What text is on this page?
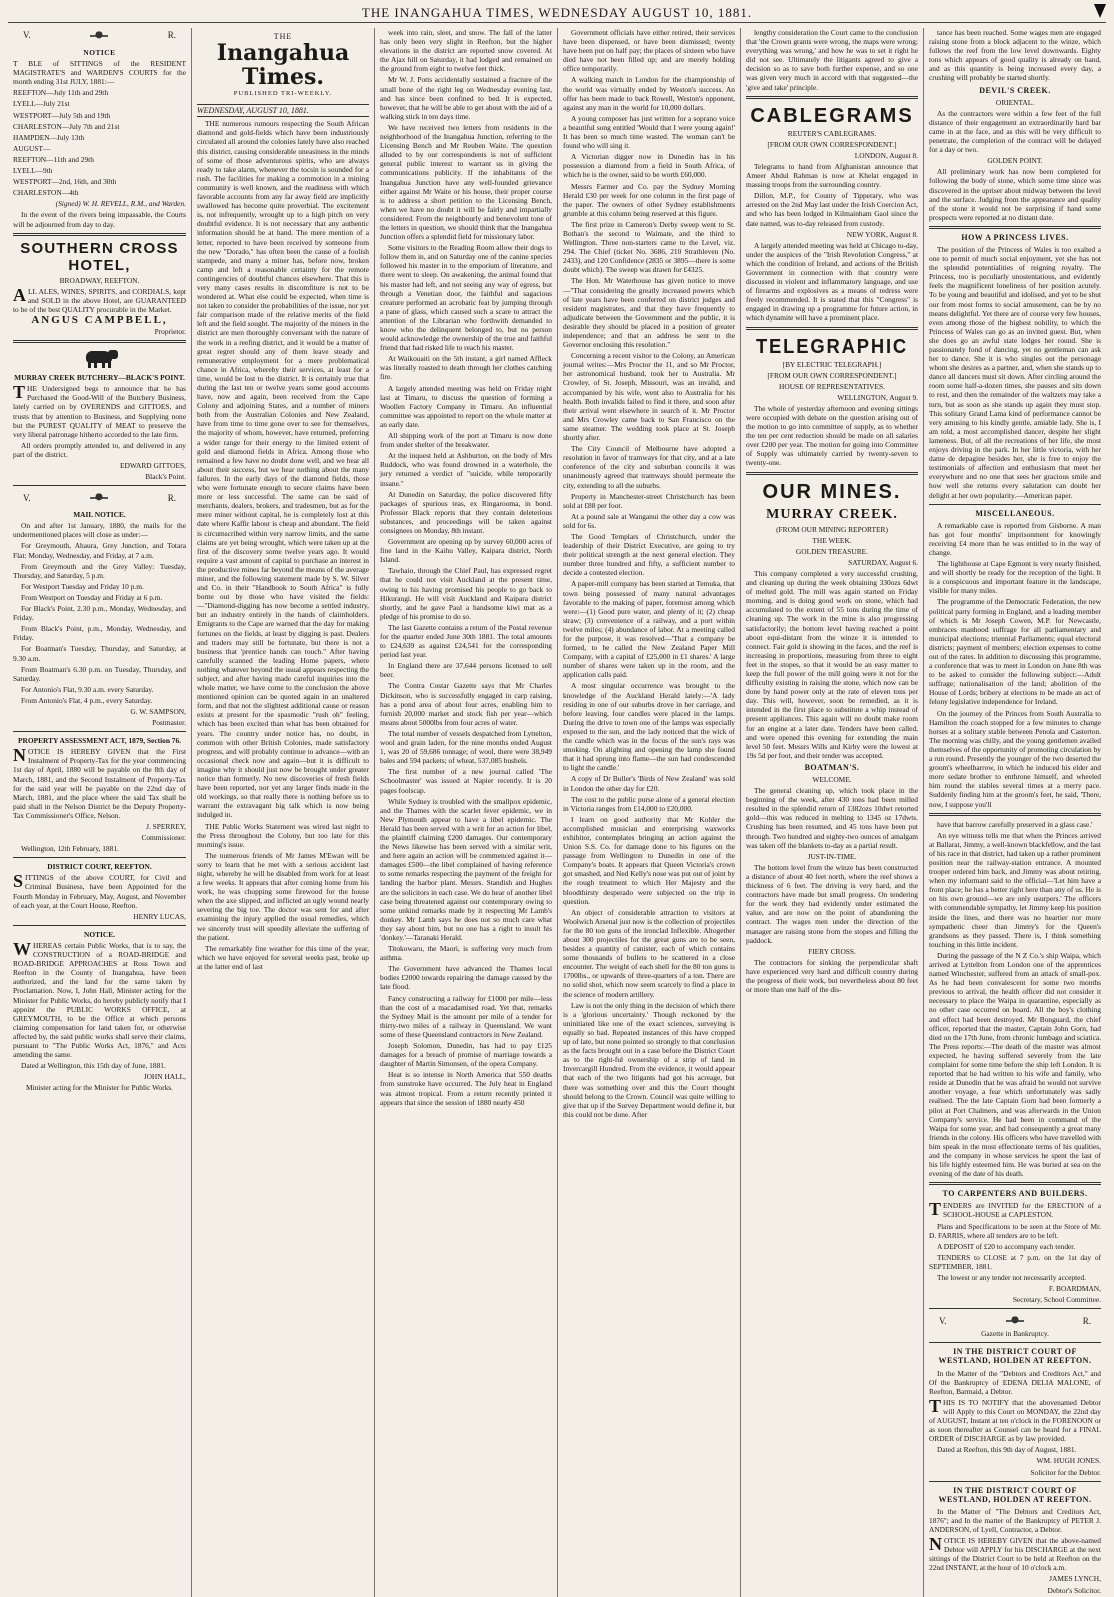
THE INANGAHUA TIMES, WEDNESDAY AUGUST 10, 1881.
V.	R.

NOTICE

T BLE of SITTINGS of the RESIDENT MAGISTRATE'S and WARDEN'S COURTS for the month ending 31st JULY, 1881:—

REEFTON—July 11th and 29th

LYELL—July 21st

WESTPORT—July 5th and 19th

CHARLESTON—July 7th and 21st

HAMPDEN—July 13th

AUGUST—

REEFTON—11th and 29th

LYELL—9th

WESTPORT—2nd, 16th, and 30th

CHARLESTON—4th

(Signed) W. H. REVELL, R.M., and Warden.

In the event of the rivers being impassable, the Courts will be adjourned from day to day.

SOUTHERN CROSS HOTEL,

BROADWAY, REEFTON.

ALL ALES, WINES, SPIRITS, and CORDIALS, kept and SOLD in the above Hotel, are GUARANTEED to be of the best QUALITY procurable in the Market.

ANGUS CAMPBELL,

Proprietor.

MURRAY CREEK BUTCHERY—BLACK'S POINT.

THE Undersigned begs to announce that he has Purchased the Good-Will of the Butchery Business, lately carried on by OVERENDS and GITTOES, and trusts that by attention to Business, and Supplying none but the PUREST QUALITY of MEAT to preserve the very liberal patronage hitherto accorded to the late firm.

All orders promptly attended to, and delivered in any part of the district.

EDWARD GITTOES,

Black's Point.

V.	R.

MAIL NOTICE.

On and after 1st January, 1880, the mails for the undermentioned places will close as under:—

For Greymouth, Ahaura, Grey Junction, and Totara Flat: Monday, Wednesday, and Friday, at 7 a.m.

From Greymouth and the Grey Valley: Tuesday, Thursday, and Saturday, 5 p.m.

For Westport Tuesday and Friday 10 p.m.

From Westport on Tuesday and Friday at 6 p.m.

For Black's Point, 2.30 p.m., Monday, Wednesday, and Friday.

From Black's Point, p.m., Monday, Wednesday, and Friday.

For Boatman's Tuesday, Thursday, and Saturday, at 9.30 a.m.

From Boatman's 6.30 p.m. on Tuesday, Thursday, and Saturday.

For Antonio's Flat, 9.30 a.m. every Saturday.

From Antonio's Flat, 4 p.m., every Saturday.

G. W. SAMPSON,

Postmaster.

PROPERTY ASSESSMENT ACT, 1879, Section 76.

NOTICE IS HEREBY GIVEN that the First Instalment of Property-Tax for the year commencing 1st day of April, 1880 will be payable on the 8th day of March, 1881, and the Second Instalment of Property-Tax for the said year will be payable on the 22nd day of March, 1881, and the place where the said Tax shall be paid shall in the Nelson District be the Deputy Property-Tax Commissioner's Office, Nelson.

J. SPERREY,

Commissioner.

Wellington, 12th February, 1881.

DISTRICT COURT, REEFTON.

SITTINGS of the above COURT, for Civil and Criminal Business, have been Appointed for the Fourth Monday in February, May, August, and November of each year, at the Court House, Reefton.

HENRY LUCAS,

NOTICE.

WHEREAS certain Public Works, that is to say, the CONSTRUCTION of a ROAD-BRIDGE and ROAD-BRIDGE APPROACHES at Ross Town and Reefton in the County of Inangahua, have been authorized, and the land for the same taken by Proclamation. Now, I, John Hall, Minister acting for the Minister for Public Works, do hereby publicly notify that I appoint the PUBLIC WORKS OFFICE, at GREYMOUTH, to be the Office at which persons claiming compensation for land taken for, or otherwise affected by, the said public works shall serve their claims, pursuant to "The Public Works Act, 1876," and Acts amending the same.

Dated at Wellington, this 15th day of June, 1881.

JOHN HALL,

Minister acting for the Minister for Public Works.

THE
Inangahua Times.
PUBLISHED TRI-WEEKLY.

WEDNESDAY, AUGUST 10, 1881.

THE numerous rumours respecting the South African diamond and gold-fields which have been industriously circulated all around the colonies lately have also reached this district, causing considerable uneasiness in the minds of some of those adventurous spirits, who are always ready to take alarm, whenever the tocsin is sounded for a rush. The facilities for making a commotion in a mining community is well known, and the readiness with which favorable accounts from any far away field are implicitly swallowed has become quite proverbial. The excitement is, not infrequently, wrought up to a high pitch on very doubtful evidence. It is not necessary that any authentic information should be at hand. The mere mention of a letter, reported to have been received by someone from the new "Dorado," has often been the cause of a foolish stampede, and many a miner has, before now, broken camp and left a reasonable certainty for the remote contingencies of doubtful chances elsewhere. That this is very many cases results in discomfiture is not to be wondered at. What else could be expected, when time is not taken to consider the probabilities of the issue, nor yet fair comparison made of the relative merits of the field left and the field sought. The majority of the miners in the district are men thoroughly conversant with the nature of the work in a reefing district, and it would be a matter of great regret should any of them leave steady and remunerative employment for a mere problematical chance in Africa, whereby their services, at least for a time, would be lost to the district. It is certainly true that during the last ten or twelve years some good accounts have, now and again, been received from the Cape Colony and adjoining States, and a number of miners both from the Australian Colonies and New Zealand, have from time to time gone over to see for themselves, the majority of whom, however, have returned, preferring a wider range for their energy to the limited extent of gold and diamond fields in Africa. Among those who remained a few have no doubt done well, and we hear all about their success, but we hear nothing about the many failures. In the early days of the diamond fields, those who were fortunate enough to secure claims have been more or less successful. The same can be said of merchants, dealers, brokers, and tradesmen, but as for the mere miner without capital, he is completely lost at this date where Kaffir labour is cheap and abundant. The field is circumscribed within very narrow limits, and the same claims are yet being wrought, which were taken up at the first of the discovery some twelve years ago. It would require a vast amount of capital to purchase an interest in the productive mines far beyond the means of the average miner, and the following statement made by S. W. Silver and Co. in their "Handbook to South Africa" is fully borne out by those who have visited the fields:—"Diamond-digging has now become a settled industry, but an industry entirely in the hands of claimholders. Emigrants to the Cape are warned that the day for making fortunes on the fields, at least by digging is past. Dealers and traders may still be fortunate, but there is not a business that 'prentice hands can touch." After having carefully scanned the leading Home papers, where nothing whatever beyond the usual appears respecting the subject, and after having made careful inquiries into the whole matter, we have come to the conclusion the above mentioned opinion can be quoted again in an unaltered form, and that not the slightest additional cause or reason exists at present for the spasmodic "rush oh" feeling, which has been excited than what has been obtained for years. The country under notice has, no doubt, in common with other British Colonies, made satisfactory progress, and will probably continue to advance—with an occasional check now and again—but it is difficult to imagine why it should just now be brought under greater notice than formerly. No new discoveries of fresh fields have been reported, nor yet any larger finds made in the old workings, so that really there is nothing before us to warrant the extravagant big talk which is now being indulged in.

THE Public Works Statement was wired last night to the Press throughout the Colony, but too late for this morning's issue.

The numerous friends of Mr James M'Ewan will be sorry to learn that he met with a serious accident last night, whereby he will be disabled from work for at least a few weeks. It appears that after coming home from his work, he was chopping some firewood for the house when the axe slipped, and inflicted an ugly wound nearly severing the big toe. The doctor was sent for and after examining the injury applied the usual remedies, which we sincerely trust will speedily alleviate the suffering of the patient.

The remarkably fine weather for this time of the year, which we have enjoyed for several weeks past, broke up at the latter end of last

week into rain, sleet, and snow. The fall of the latter has only been very slight in Reefton, but the higher elevations in the district are reported snow covered. At the Ajax hill on Saturday, it had lodged and remained on the ground from eight to twelve feet thick.

Mr W. J. Potts accidentally sustained a fracture of the small bone of the right leg on Wednesday evening last, and has since been confined to bed. It is expected, however, that he will be able to get about with the aid of a walking stick in ten days time.

We have received two letters from residents in the neighborhood of the Inangahua Junction, referring to the Licensing Bench and Mr Reuben Waite. The question alluded to by our correspondents is not of sufficient general public interest to warrant us in giving the communications publicity. If the inhabitants of the Inangahua Junction have any well-founded grievance either against Mr Waite or his house, their proper course is to address a short petition to the Licensing Bench, when we have no doubt it will be fairly and impartially considered. From the neighbourly and benevolent tone of the letters in question, we should think that the Inangahua Junction offers a splendid field for missionary labor.

Some visitors to the Reading Room allow their dogs to follow them in, and on Saturday one of the canine species followed his master in to the emporium of literature, and there went to sleep. On awakening, the animal found that his master had left, and not seeing any way of egress, but through a Venetian door, the faithful and sagacious creature performed an acrobatic feat by jumping through a pane of glass, which caused such a scare to attract the attention of the Librarian who forthwith demanded to know who the delinquent belonged to, but no person would acknowledge the ownership of the true and faithful friend that had risked life to reach his master.

At Waikouaiti on the 5th instant, a girl named Affleck was literally roasted to death through her clothes catching fire.

A largely attended meeting was held on Friday night last at Timaru, to discuss the question of forming a Woollen Factory Company in Timaru. An influential committee was appointed to report on the whole matter at an early date.

All shipping work of the port at Timaru is now done from under shelter of the breakwater.

At the inquest held at Ashburton, on the body of Mrs Ruddock, who was found drowned in a waterhole, the jury returned a verdict of "suicide, while temporarily insane."

At Dunedin on Saturday, the police discovered fifty packages of spurious teas, ex Ringarooma, in bond. Professor Black reports that they contain deleterious substances, and proceedings will be taken against consignees on Monday, 8th instant.

Government are opening up by survey 60,000 acres of fine land in the Kaihu Valley, Kaipara district, North Island.

Tawhaio, through the Chief Paul, has expressed regret that he could not visit Auckland at the present time, owing to his having promised his people to go back to Hikurangi. He will visit Auckland and Kaipara district shortly, and he gave Paul a handsome kiwi mat as a pledge of his promise to do so.

The last Gazette contains a return of the Postal revenue for the quarter ended June 30th 1881. The total amounts to £24,639 as against £24,541 for the corresponding period last year.

In England there are 37,644 persons licensed to sell beer.

The Contra Costar Gazette says that Mr Charles Dickinson, who is successfully engaged in carp raising, has a pond area of about four acres, enabling him to furnish 20,000 market and stock fish per year—which means about 5000lbs from four acres of water.

The total number of vessels despatched from Lyttelton, wool and grain laden, for the nine months ended August 1, was 20 of 59,686 tonnage; of wool, there were 38,949 bales and 594 packets; of wheat, 537,085 bushels.

The first number of a new journal called 'The Schoolmaster' was issued at Napier recently. It is 20 pages foolscap.

While Sydney is troubled with the smallpox epidemic, and the Thames with the scarlet fever epidemic, we in New Plymouth appear to have a libel epidemic. The Herald has been served with a writ for an action for libel, the plaintiff claiming £200 damages. Our contemporary the News likewise has been served with a similar writ, and here again an action will be commenced against it—damages £500—the libel complained of having reference to some remarks respecting the payment of the freight for landing the harbor plant. Messrs. Standish and Hughes are the solicitors in each case. We do hear of another libel case being threatened against our contemporary owing to some unkind remarks made by it respecting Mr Lamb's donkey. Mr Lamb says he does not so much care what they say about him, but no one has a right to insult his 'donkey.'—Taranaki Herald.

Titokowaru, the Maori, is suffering very much from asthma.

The Government have advanced the Thames local bodies £2000 towards repairing the damage caused by the late flood.

Fancy constructing a railway for £1000 per mile—less than the cost of a macadamised road. Yet that, remarks the Sydney Mail is the amount per mile of a tender for thirty-two miles of a railway in Queensland. We want some of these Queensland contractors in New Zealand.

Joseph Solomon, Dunedin, has had to pay £125 damages for a breach of promise of marriage towards a daughter of Martin Simonsen, of the opera Company.

Heat is so intense in North America that 550 deaths from sunstroke have occurred. The July heat in England was almost tropical. From a return recently printed it appears that since the session of 1880 nearly 450

Government officials have either retired, their services have been dispensed, or have been dismissed; twenty have been put on half pay; the places of sixteen who have died have not been filled up; and are merely holding office temporarily.

A walking match in London for the championship of the world was virtually ended by Weston's success. An offer has been made to back Rowell, Weston's opponent, against any man in the world for 10,000 dollars.

A young composer has just written for a soprano voice a beautiful song entitled 'Would that I were young again!' It has been so much time wasted. The woman can't be found who will sing it.

A Victorian digger now in Dunedin has in his possession a diamond from a field in South Africa, of which he is the owner, said to be worth £60,000.

Messrs Farmer and Co. pay the Sydney Morning Herald £30 per week for one column in the first page of the paper. The owners of other Sydney establishments grumble at this column being reserved at this figure.

The first prize in Cameron's Derby sweep went to St. Bothan's the second to Waimate, and the third to Wellington. Three non-starters came to the Level, viz. 294. The Chief (ticket No. 3686, 210 Strathleven (No. 2433), and 120 Confidence (2835 or 3895—there is some doubt which). The sweep was drawn for £4325.

The Hon. Mr Waterhouse has given notice to move—"That considering the greatly increased powers which of late years have been conferred on district judges and resident magistrates, and that they have frequently to adjudicate between the Government and the public, it is desirable they should be placed in a position of greater independence; and that an address be sent to the Governor enclosing this resolution."

Concerning a recent visitor to the Colony, an American journal writes:—Mrs Proctor the 11, and so Mr Proctor, her astronomical husband, took her to Australia. Mr Crowley, of St. Joseph, Missouri, was an invalid, and accompanied by his wife, went also to Australia for his health. Both invalids failed to find it there, and soon after their arrival went elsewhere in search of it. Mr Proctor and Mrs Crowley came back to San Francisco on the same steamer. The wedding took place at St. Joseph shortly after.

The City Council of Melbourne have adopted a resolution in favor of tramways for that city, and at a late conference of the city and suburban councils it was unanimously agreed that tramways should permeate the city, extending to all the suburbs.

Property in Manchester-street Christchurch has been sold at £88 per foot.

At a pound sale at Wanganui the other day a cow was sold for 6s.

The Good Templars of Christchurch, under the leadership of their District Executive, are going to try their political strength at the next general election. They number three hundred and fifty, a sufficient number to decide a contested election.

A paper-mill company has been started at Temuka, that town being possessed of many natural advantages favorable to the making of paper, foremost among which were:—(1) Good pure water, and plenty of it; (2) cheap straw; (3) convenience of a railway, and a port within twelve miles; (4) abundance of labor. At a meeting called for the purpose, it was resolved—'That a company be formed, to be called the New Zealand Paper Mill Company, with a capital of £25,000 in £1 shares.' A large number of shares were taken up in the room, and the application calls paid.

A most singular occurrence was brought to the knowledge of the Auckland Herald lately:—'A lady residing in one of our suburbs drove in her carriage, and before leaving, four candles were placed in the lamps. During the drive to town one of the lamps was especially exposed to the sun, and the lady noticed that the wick of the candle which was in the focus of the sun's rays was smoking. On alighting and opening the lamp she found that it had sprung into flame—the sun had condescended to light the candle.'

A copy of Dr Buller's 'Birds of New Zealand' was sold in London the other day for £20.

The cost to the public purse alone of a general election in Victoria ranges from £14,000 to £20,000.

I learn on good authority that Mr Kohler the accomplished musician and enterprising waxworks exhibitor, contemplates bringing an action against the Union S.S. Co. for damage done to his figures on the passage from Wellington to Dunedin in one of the Company's boats. It appears that Queen Victoria's crown got smashed, and Ned Kelly's nose was put out of joint by the rough treatment to which Her Majesty and the bloodthirsty desperado were subjected on the trip in question.

An object of considerable attraction to visitors at Woolwich Arsenal just now is the collection of projectiles for the 80 ton guns of the ironclad Inflexible. Altogether about 300 projectiles for the great guns are to be seen, besides a quantity of canister, each of which contains some thousands of bullets to be scattered in a close encounter. The weight of each shell for the 80 ton guns is 1700lbs., or upwards of three-quarters of a ton. There are no solid shot, which now seem scarcely to find a place in the science of modern artillery.

Law is not the only thing in the decision of which there is a 'glorious uncertainty.' Though reckoned by the uninitiated like one of the exact sciences, surveying is equally so bad. Repeated instances of this have cropped up of late, but none pointed so strongly to that conclusion as the facts brought out in a case before the District Court as to the right-ful ownership of a strip of land in Invercargill Hundred. From the evidence, it would appear that each of the two litigants had got his acreage, but there was something over and this the Court thought should belong to the Crown. Council was quite willing to give that up if the Survey Department would define it, but this could not be done. After

lengthy consideration the Court came to the conclusion that 'the Crown grants were wrong, the maps were wrong; everything was wrong,' and how he was to set it right he did not see. Ultimately the litigants agreed to give a decision so as to save both further expense, and so one was given very much in accord with that suggested—the 'give and take' principle.

CABLEGRAMS

REUTER'S CABLEGRAMS.

[FROM OUR OWN CORRESPONDENT.]

LONDON, August 8.

Telegrams to hand from Afghanistan announce that Ameer Abdul Rahman is now at Khelat engaged in massing troops from the surrounding country.

Dillon, M.P., for County of Tipperary, who was arrested on the 2nd May last under the Irish Coercion Act, and who has been lodged in Kilmainham Gaol since the date named, was to-day released from custody.

NEW YORK, August 8.

A largely attended meeting was held at Chicago to-day, under the auspices of the "Irish Revolution Congress," at which the condition of Ireland, and actions of the British Government in connection with that country were discussed in violent and inflammatory language, and use of firearms and explosives as a means of redress were freely recommended. It is stated that this "Congress" is engaged in drawing up a programme for future action, in which dynamite will have a prominent place.

TELEGRAPHIC

[BY ELECTRIC TELEGRAPH.]

[FROM OUR OWN CORRESPONDENT.]

HOUSE OF REPRESENTATIVES.

WELLINGTON, August 9.

The whole of yesterday afternoon and evening sittings were occupied with debate on the question arising out of the motion to go into committee of supply, as to whether the ten per cent reduction should be made on all salaries over £200 per year. The motion for going into Committee of Supply was ultimately carried by twenty-seven to twenty-one.

OUR MINES.
MURRAY CREEK.

(FROM OUR MINING REPORTER)

THE WEEK.

GOLDEN TREASURE.

SATURDAY, August 6.

This company completed a very successful crushing, and cleaning up during the week obtaining 330ozs 6dwt of melted gold. The mill was again started on Friday morning, and is doing good work on stone, which had accumulated to the extent of 55 tons during the time of cleaning up. The work in the mine is also progressing satisfactorily; the bottom level having reached a point about equi-distant from the winze it is intended to connect. Fair gold is showing in the faces, and the reef is increasing in proportions, measuring from three to eight feet in the stopes, so that it would be an easy matter to keep the full power of the mill going were it not for the difficulty existing in raising the stone, which now can be done by hand power only at the rate of eleven tons per day. This will, however, soon be remedied, as it is intended in the first place to substitute a whip instead of present appliances. This again will no doubt make room for an engine at a later date. Tenders have been called, and were opened this evening for extending the main level 50 feet. Messrs Wills and Kirby were the lowest at 19s 5d per foot, and their tender was accepted.

BOATMAN'S.

WELCOME.

The general cleaning up, which took place in the beginning of the week, after 430 tons had been milled resulted in the splendid return of 1382ozs 10dwt retorted gold—this was reduced in melting to 1345 oz 17dwts. Crushing has been resumed, and 45 tons have been put through. Two hundred and eighty-two ounces of amalgam was taken off the blankets to-day as a partial result.

JUST-IN-TIME.

The bottom level from the winze has been constructed a distance of about 40 feet north, where the reef shows a thickness of 6 feet. The driving is very hard, and the contractors have made but small progress. On tendering for the work they had evidently under estimated the value, and are now on the point of abandoning the contract. The wages men under the direction of the manager are raising stone from the stopes and filling the paddock.

FIERY CROSS.

The contractors for sinking the perpendicular shaft have experienced very hard and difficult country during the progress of their work, but nevertheless about 80 feet or more than one half of the dis-

tance has been reached. Some wages men are engaged raising stone from a block adjacent to the winze, which follows the reef from the low level downwards. Eighty tons which appears of good quality is already on hand, and as this quantity is being increased every day, a crushing will probably be started shortly.

DEVIL'S CREEK.

ORIENTAL.

As the contractors were within a few feet of the full distance of their engagement an extraordinarily hard bar came in at the face, and as this will be very difficult to penetrate, the completion of the contract will be delayed for a day or two.

GOLDEN POINT.

All preliminary work has now been completed for following the body of stone, which some time since was discovered in the upriser about midway between the level and the surface. Judging from the appearance and quality of the stone it would not be surprising if hand some prospects were reported at no distant date.

HOW A PRINCESS LIVES.

The position of the Princess of Wales is too exalted a one to permit of much social enjoyment, yet she has not the splendid potentialities of reigning royalty. The Princess, too is peculiarly unostentatious, and evidently feels the magnificent loneliness of her position acutely. To be young and beautiful and idolised, and yet to be shut our from most forms to social amusement, can be by no means delightful. Yet there are of course very few houses, even among those of the highest nobility, to which the Princess of Wales can go as an invited guest. But, when she does go an awful state lodges her round. She is passionately fond of dancing, yet no gentleman can ask her to dance. She it is who singles out the personage whom she desires as a partner, and, when she stands up to dance all dancers must sit down. After circling around the room some half-a-dozen times, she pauses and sits down to rest, and then the remainder of the waltzers may take a turn, but as soon as she stands up again they must stop. This solitary Grand Lama kind of performance cannot be very amusing to his kindly gentle, amiable lady. She is, I am told, a most accomplished dancer, despite her slight lameness. But, of all the recreations of her life, she most enjoys driving in the park. In her little victoria, with her dame de depagine besides her, she is free to enjoy the testimonials of affection and enthusiasm that meet her everywhere and no one that sees her gracious smile and how well she returns every salutation can doubt her delight at her own popularity.—American paper.

MISCELLANEOUS.

A remarkable case is reported from Gisborne. A man has got four months' imprisonment for knowingly receiving £4 more than he was entitled to in the way of change.

The lighthouse at Cape Egmont is very nearly finished, and will shortly be ready for the reception of the light. It is a conspicuous and important feature in the landscape, visible for many miles.

The programme of the Democratic Federation, the new political party forming in England, and a leading member of which is Mr Joseph Cowen, M.P. for Newcastle, embraces manhood suffrage for all parliamentary and municipal elections; triennial Parliaments; equal electoral districts; payment of members; election expenses to come out of the rates. In addition to discussing this programme, a conference that was to meet in London on June 8th was to be asked to consider the following subject:—Adult suffrage; nationalisation of the land; abolition of the House of Lords; bribery at elections to be made an act of felony legislative independence for Ireland.

On the journey of the Princes from South Australia to Hamilton the coach stopped for a few minutes to change horses at a solitary stable between Penola and Casterton. The morning was chilly, and the young gentlemen availed themselves of the opportunity of promoting circulation by a run round. Presently the younger of the two deserted the groom's wheelbarrow, in which he induced his elder and more sedate brother to enthrone himself, and wheeled him round the stables several times at a merry pace. Suddenly finding him at the groom's feet, he said, 'There, now, I suppose you'll

have that barrow carefully preserved in a glass case.'

An eye witness tells me that when the Princes arrived at Ballarat, Jimmy, a well-known blackfellow, and the last of his race in that district, had taken up a rather prominent position near the railway-station entrance. A mounted trooper ordered him back, and Jimmy was about retiring, when my informant said to the official—'Let him have a front place; he has a better right here than any of us. He is on his own ground—we are only usurpers.' The officers with commendable sympathy, let Jimmy keep his position inside the lines, and there was no heartier nor more sympathetic cheer than Jimmy's for the Queen's grandsons as they passed. There is, I think something touching in this little incident.

During the passage of the N Z Co.'s ship Waipa, which arrived at Lyttelton from London one of the apprentices named Winchester, suffered from an attack of small-pox. As he had been convalescent for some two months previous to arrival, the health officer did not consider it necessary to place the Waipa in quarantine, especially as no other case occurred on board. All the boy's clothing and effect had been destroyed. Mr Bonguard, the chief officer, reported that the master, Captain John Gorn, had died on the 17th June, from chronic lumbago and sciatica. The Press reports:—The death of the master was almost expected, he having suffered severely from the late complaint for some time before the ship left London. It is reported that he had written to his wife and family, who reside at Dunedin that he was afraid he would not survive another voyage, a fear which unfortunately was sadly realised. The the late Captain Gorn had been formerly a pilot at Port Chalmers, and was afterwards in the Union Company's service. He had been in command of the Waipa for some year, and had consequently a great many friends in the colony. His officers who have travelled with him speak in the most effectionate terms of his qualities, and the company in whose services he spent the last of his life highly esteemed him. He was buried at sea on the evening of the date of his death.

TO CARPENTERS AND BUILDERS.

TENDERS are INVITED for the ERECTION of a SCHOOL-HOUSE at CAPLESTON.

Plans and Specifications to be seen at the Store of Mr. D. FARRIS, where all tenders are to be left.

A DEPOSIT of £20 to accompany each tender.

TENDERS to CLOSE at 7 p.m. on the 1st day of SEPTEMBER, 1881.

The lowest or any tender not necessarily accepted.

F. BOARDMAN,

Secretary, School Committee.

V.	R.

Gazette in Bankruptcy.

IN THE DISTRICT COURT OF WESTLAND, HOLDEN AT REEFTON.

In the Matter of the "Debtors and Creditors Act," and Of the Bankruptcy of EDENA DELIA MALONE, of Reefton, Barmaid, a Debtor.

THIS IS TO NOTIFY that the abovenamed Debtor will Apply to this Court on MONDAY, the 22nd day of AUGUST, Instant at ten o'clock in the FORENOON or as soon thereafter as Counsel can be heard for a FINAL ORDER of DISCHARGE as by law provided.

Dated at Reefton, this 9th day of August, 1881.

WM. HUGH JONES.

Solicitor for the Debtor.

IN THE DISTRICT COURT OF WESTLAND, HOLDEN AT REEFTON.

In the Matter of "The Debtors and Creditors Act, 1876"; and In the matter of the Bankruptcy of PETER J. ANDERSON, of Lyell, Contractor, a Debtor.

NOTICE IS HEREBY GIVEN that the above-named Debtor will APPLY for his DISCHARGE at the next sittings of the District Court to be held at Reefton on the 22nd INSTANT, at the hour of 10 o'clock a.m.

JAMES LYNCH,

Debtor's Solicitor.
